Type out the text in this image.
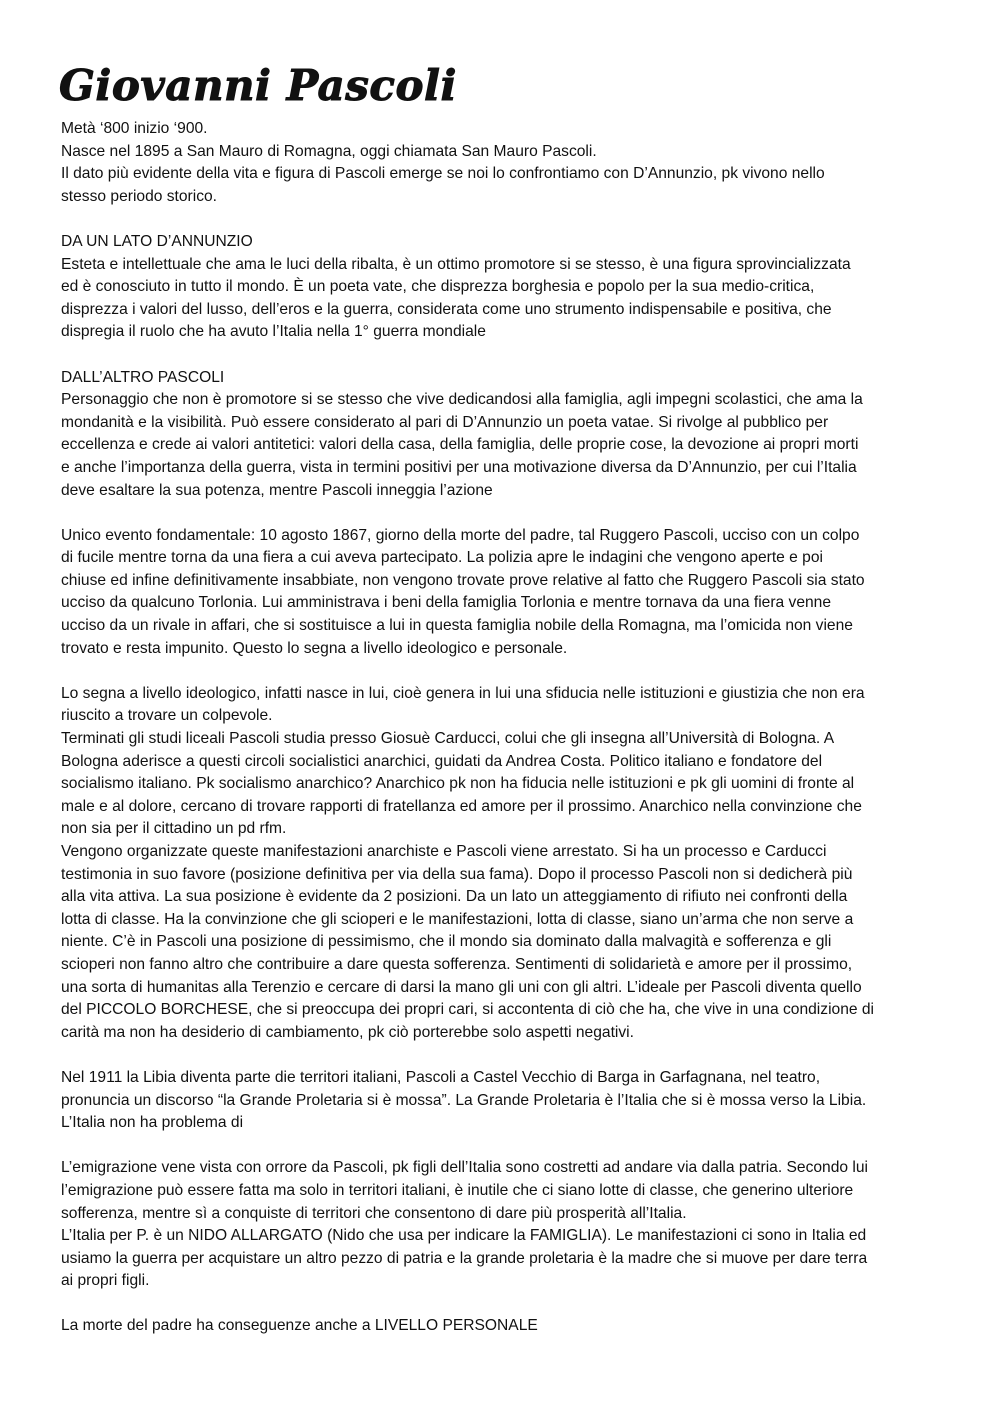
Giovanni Pascoli
Metà ‘800 inizio ‘900.
Nasce nel 1895 a San Mauro di Romagna, oggi chiamata San Mauro Pascoli.
Il dato più evidente della vita e figura di Pascoli emerge se noi lo confrontiamo con D’Annunzio, pk vivono nello
stesso periodo storico.
DA UN LATO D’ANNUNZIO
Esteta e intellettuale che ama le luci della ribalta, è un ottimo promotore si se stesso, è una figura sprovincializzata
ed è conosciuto in tutto il mondo. È un poeta vate, che disprezza borghesia e popolo per la sua medio-critica,
disprezza i valori del lusso, dell’eros e la guerra, considerata come uno strumento indispensabile e positiva, che
dispregia il ruolo che ha avuto l’Italia nella 1° guerra mondiale
DALL’ALTRO PASCOLI
Personaggio che non è promotore si se stesso che vive dedicandosi alla famiglia, agli impegni scolastici, che ama la
mondanità e la visibilità. Può essere considerato al pari di D’Annunzio un poeta vatae. Si rivolge al pubblico per
eccellenza e crede ai valori antitetici: valori della casa, della famiglia, delle proprie cose, la devozione ai propri morti
e anche l’importanza della guerra, vista in termini positivi per una motivazione diversa da D’Annunzio, per cui l’Italia
deve esaltare la sua potenza, mentre Pascoli inneggia l’azione
Unico evento fondamentale: 10 agosto 1867, giorno della morte del padre, tal Ruggero Pascoli, ucciso con un colpo
di fucile mentre torna da una fiera a cui aveva partecipato. La polizia apre le indagini che vengono aperte e poi
chiuse ed infine definitivamente insabbiate, non vengono trovate prove relative al fatto che Ruggero Pascoli sia stato
ucciso da qualcuno Torlonia. Lui amministrava i beni della famiglia Torlonia e mentre tornava da una fiera venne
ucciso da un rivale in affari, che si sostituisce a lui in questa famiglia nobile della Romagna, ma l’omicida non viene
trovato e resta impunito. Questo lo segna a livello ideologico e personale.
Lo segna a livello ideologico, infatti nasce in lui, cioè genera in lui una sfiducia nelle istituzioni e giustizia che non era
riuscito a trovare un colpevole.
Terminati gli studi liceali Pascoli studia presso Giosuè Carducci, colui che gli insegna all’Università di Bologna. A
Bologna aderisce a questi circoli socialistici anarchici, guidati da Andrea Costa. Politico italiano e fondatore del
socialismo italiano. Pk socialismo anarchico? Anarchico pk non ha fiducia nelle istituzioni e pk gli uomini di fronte al
male e al dolore, cercano di trovare rapporti di fratellanza ed amore per il prossimo. Anarchico nella convinzione che
non sia per il cittadino un pd rfm.
Vengono organizzate queste manifestazioni anarchiste e Pascoli viene arrestato. Si ha un processo e Carducci
testimonia in suo favore (posizione definitiva per via della sua fama). Dopo il processo Pascoli non si dedicherà più
alla vita attiva. La sua posizione è evidente da 2 posizioni. Da un lato un atteggiamento di rifiuto nei confronti della
lotta di classe. Ha la convinzione che gli scioperi e le manifestazioni, lotta di classe, siano un’arma che non serve a
niente. C’è in Pascoli una posizione di pessimismo, che il mondo sia dominato dalla malvagità e sofferenza e gli
scioperi non fanno altro che contribuire a dare questa sofferenza. Sentimenti di solidarietà e amore per il prossimo,
una sorta di humanitas alla Terenzio e cercare di darsi la mano gli uni con gli altri. L’ideale per Pascoli diventa quello
del PICCOLO BORCHESE, che si preoccupa dei propri cari, si accontenta di ciò che ha, che vive in una condizione di
carità ma non ha desiderio di cambiamento, pk ciò porterebbe solo aspetti negativi.
Nel 1911 la Libia diventa parte die territori italiani, Pascoli a Castel Vecchio di Barga in Garfagnana, nel teatro,
pronuncia un discorso “la Grande Proletaria si è mossa”. La Grande Proletaria è l’Italia che si è mossa verso la Libia.
L’Italia non ha problema di
L’emigrazione vene vista con orrore da Pascoli, pk figli dell’Italia sono costretti ad andare via dalla patria. Secondo lui
l’emigrazione può essere fatta ma solo in territori italiani, è inutile che ci siano lotte di classe, che generino ulteriore
sofferenza, mentre sì a conquiste di territori che consentono di dare più prosperità all’Italia.
L’Italia per P. è un NIDO ALLARGATO (Nido che usa per indicare la FAMIGLIA). Le manifestazioni ci sono in Italia ed
usiamo la guerra per acquistare un altro pezzo di patria e la grande proletaria è la madre che si muove per dare terra
ai propri figli.
La morte del padre ha conseguenze anche a LIVELLO PERSONALE
